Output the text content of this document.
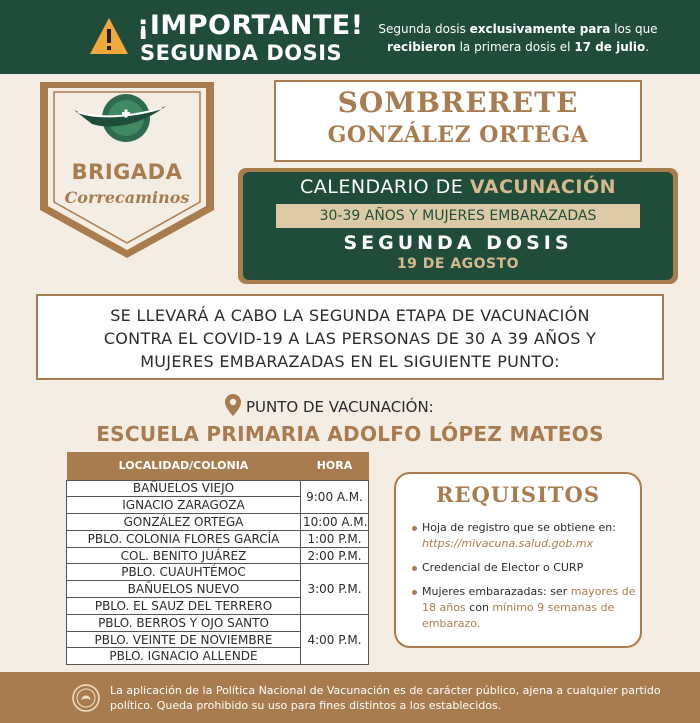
¡IMPORTANTE!
SEGUNDA DOSIS
Segunda dosis exclusivamente para los que recibieron la primera dosis el 17 de julio.
BRIGADA
Correcaminos
SOMBRERETE
GONZÁLEZ ORTEGA
CALENDARIO DE VACUNACIÓN
30-39 AÑOS Y MUJERES EMBARAZADAS
SEGUNDA DOSIS
19 DE AGOSTO

SE LLEVARÁ A CABO LA SEGUNDA ETAPA DE VACUNACIÓN

CONTRA EL COVID-19 A LAS PERSONAS DE 30 A 39 AÑOS Y

MUJERES EMBARAZADAS EN EL SIGUIENTE PUNTO:

PUNTO DE VACUNACIÓN:
ESCUELA PRIMARIA ADOLFO LÓPEZ MATEOS
LOCALIDAD/COLONIA	HORA
BAÑUELOS VIEJO	9:00 A.M.
IGNACIO ZARAGOZA	
GONZÁLEZ ORTEGA	10:00 A.M.
PBLO. COLONIA FLORES GARCÍA	1:00 P.M.
COL. BENITO JUÁREZ	2:00 P.M.
PBLO. CUAUHTÉMOC	3:00 P.M.
BAÑUELOS NUEVO	
PBLO. EL SAUZ DEL TERRERO	
PBLO. BERROS Y OJO SANTO	4:00 P.M.
PBLO. VEINTE DE NOVIEMBRE	
PBLO. IGNACIO ALLENDE	
REQUISITOS
Hoja de registro que se obtiene en: https://mivacuna.salud.gob.mx
Credencial de Elector o CURP
Mujeres embarazadas: ser mayores de 18 años con mínimo 9 semanas de embarazo.
La aplicación de la Política Nacional de Vacunación es de carácter público, ajena a cualquier partido político. Queda prohibido su uso para fines distintos a los establecidos.
